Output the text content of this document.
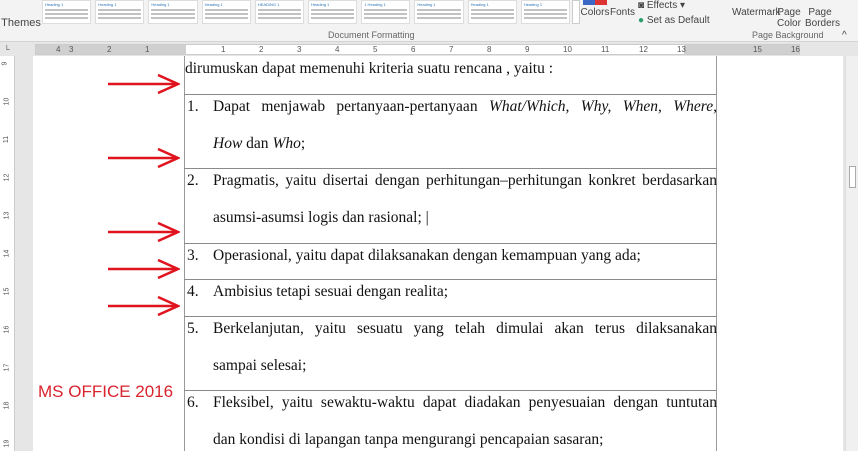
Themes
Heading 1	Heading 1	Heading 1	Heading 1	HEADING 1	Heading 1	1 Heading 1	Heading 1	Heading 1	Heading 1
Document Formatting
Colors Fonts
◙ Effects ▾
● Set as Default
Watermark
Page Color
Page Borders
Page Background ^
└	4 3	2	1	1	2	3	4	5	6	7	8	9	10	11	12	13	15	16
9
10
11
12
13
14
15
16
17
18
19
dirumuskan dapat memenuhi kriteria suatu rencana , yaitu :
1. Dapat menjawab pertanyaan-pertanyaan What/Which, Why, When, Where,
How dan Who;
2. Pragmatis, yaitu disertai dengan perhitungan–perhitungan konkret berdasarkan
asumsi-asumsi logis dan rasional; |
3. Operasional, yaitu dapat dilaksanakan dengan kemampuan yang ada;
4. Ambisius tetapi sesuai dengan realita;
5. Berkelanjutan, yaitu sesuatu yang telah dimulai akan terus dilaksanakan
sampai selesai;
6. Fleksibel, yaitu sewaktu-waktu dapat diadakan penyesuaian dengan tuntutan
dan kondisi di lapangan tanpa mengurangi pencapaian sasaran;
MS OFFICE 2016
